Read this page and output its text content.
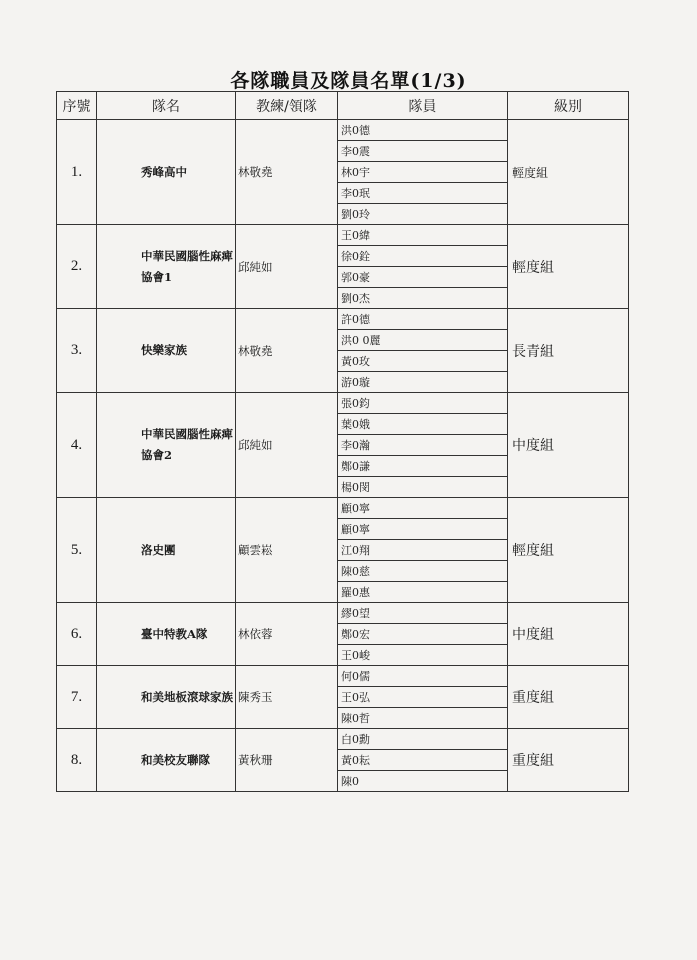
各隊職員及隊員名單(1/3)
序號	隊名	教練/領隊	隊員	級別
1.	秀峰高中	林敬堯	洪0德	輕度組
			李0震	
			林0宇	
			李0珉	
			劉0玲	
2.	中華民國腦性麻痺協會1	邱純如	王0緯	輕度組
			徐0銓	
			郭0豪	
			劉0杰	
3.	快樂家族	林敬堯	許0德	長青組
			洪0 0麗	
			黃0玫	
			游0璇	
4.	中華民國腦性麻痺協會2	邱純如	張0鈞	中度組
			葉0娥	
			李0瀚	
			鄭0謙	
			楊0閔	
5.	洛史團	顧雲崧	顧0寧	輕度組
			顧0寧	
			江0翔	
			陳0慈	
			羅0惠	
6.	臺中特教A隊	林依蓉	繆0望	中度組
			鄭0宏	
			王0峻	
7.	和美地板滾球家族	陳秀玉	何0儒	重度組
			王0弘	
			陳0哲	
8.	和美校友聯隊	黃秋珊	白0勳	重度組
			黃0耘	
			陳0	
